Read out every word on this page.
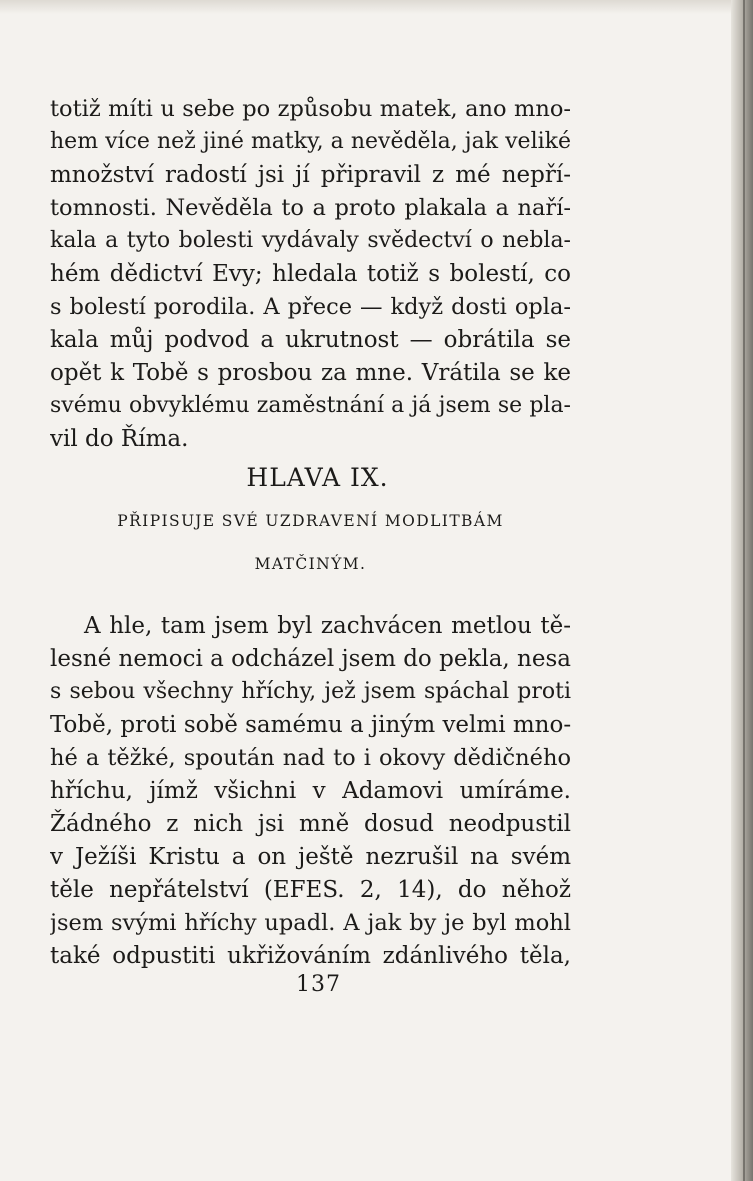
totiž míti u sebe po způsobu matek, ano mno-
hem více než jiné matky, a nevěděla, jak veliké
množství radostí jsi jí připravil z mé nepří-
tomnosti. Nevěděla to a proto plakala a naří-
kala a tyto bolesti vydávaly svědectví o nebla-
hém dědictví Evy; hledala totiž s bolestí, co
s bolestí porodila. A přece — když dosti opla-
kala můj podvod a ukrutnost — obrátila se
opět k Tobě s prosbou za mne. Vrátila se ke
svému obvyklému zaměstnání a já jsem se pla-
vil do Říma.
HLAVA IX.
PŘIPISUJE SVÉ UZDRAVENÍ MODLITBÁM
MATČINÝM.
A hle, tam jsem byl zachvácen metlou tě-
lesné nemoci a odcházel jsem do pekla, nesa
s sebou všechny hříchy, jež jsem spáchal proti
Tobě, proti sobě samému a jiným velmi mno-
hé a těžké, spoután nad to i okovy dědičného
hříchu, jímž všichni v Adamovi umíráme.
Žádného z nich jsi mně dosud neodpustil
v Ježíši Kristu a on ještě nezrušil na svém
těle nepřátelství (EFES. 2, 14), do něhož
jsem svými hříchy upadl. A jak by je byl mohl
také odpustiti ukřižováním zdánlivého těla,
137
